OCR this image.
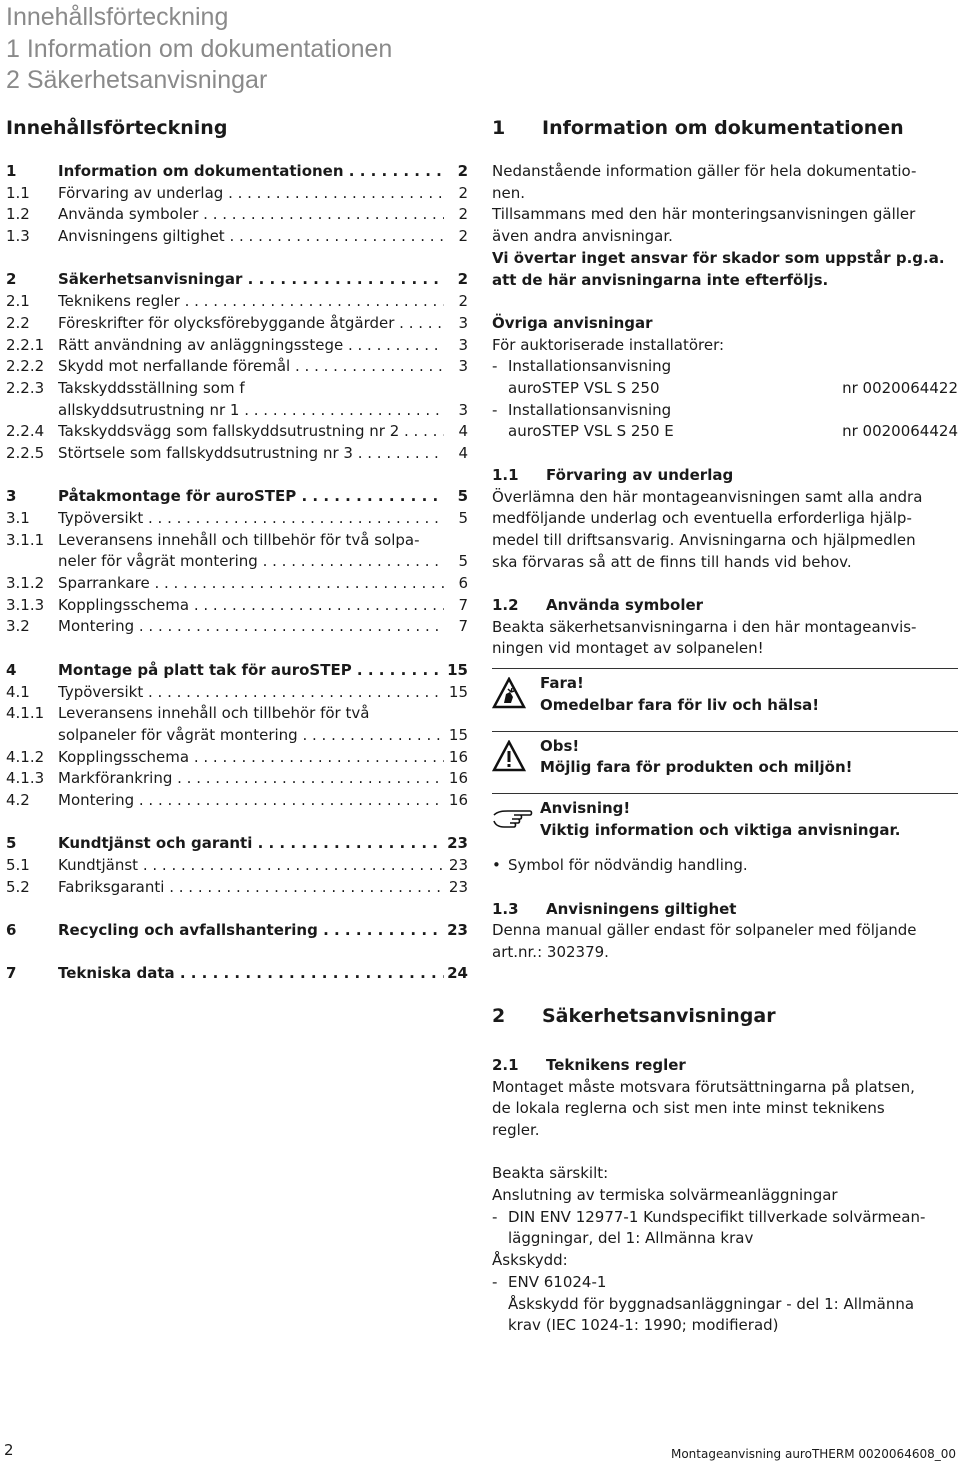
Innehållsförteckning
1 Information om dokumentationen
2 Säkerhetsanvisningar
Innehållsförteckning
1	Information om dokumentationen . . .	2
1.1	Förvaring av underlag . . .	2
1.2	Använda symboler . . .	2
1.3	Anvisningens giltighet . . .	2
2	Säkerhetsanvisningar . . .	2
2.1	Teknikens regler . . .	2
2.2	Föreskrifter för olycksförebyggande åtgärder . . .	3
2.2.1 Rätt användning av anläggningsstege . . .	3
2.2.2 Skydd mot nerfallande föremål . . .	3
2.2.3 Takskyddsställning som f
allskyddsutrustning nr 1 . . .	3
2.2.4 Takskyddsvägg som fallskyddsutrustning nr 2 . . .	4
2.2.5 Störtsele som fallskyddsutrustning nr 3 . . .	4
3	Påtakmontage för auroSTEP . . .	5
3.1	Typöversikt . . .	5
3.1.1 Leveransens innehåll och tillbehör för två solpa-
neler för vågrät montering . . .	5
3.1.2 Sparrankare . . .	6
3.1.3 Kopplingsschema . . .	7
3.2	Montering . . .	7
4	Montage på platt tak för auroSTEP . . .	15
4.1	Typöversikt . . .	15
4.1.1 Leveransens innehåll och tillbehör för två
solpaneler för vågrät montering . . .	15
4.1.2 Kopplingsschema . . .	16
4.1.3 Markförankring . . .	16
4.2	Montering . . .	16
5	Kundtjänst och garanti . . .	23
5.1	Kundtjänst . . .	23
5.2	Fabriksgaranti . . .	23
6	Recycling och avfallshantering . . .	23
7	Tekniska data . . .	24
1 Information om dokumentationen

Nedanstående information gäller för hela dokumentatio-

nen.

Tillsammans med den här monteringsanvisningen gäller

även andra anvisningar.

Vi övertar inget ansvar för skador som uppstår p.g.a.

att de här anvisningarna inte efterföljs.

Övriga anvisningar

För auktoriserade installatörer:

- Installationsanvisning
auroSTEP VSL S 250	nr 0020064422
- Installationsanvisning
auroSTEP VSL S 250 E	nr 0020064424
1.1	Förvaring av underlag

Överlämna den här montageanvisningen samt alla andra

medföljande underlag och eventuella erforderliga hjälp-

medel till driftsansvarig. Anvisningarna och hjälpmedlen

ska förvaras så att de finns till hands vid behov.

1.2	Använda symboler

Beakta säkerhetsanvisningarna i den här montageanvis-

ningen vid montaget av solpanelen!

Fara!
Omedelbar fara för liv och hälsa!
Obs!
Möjlig fara för produkten och miljön!
Anvisning!
Viktig information och viktiga anvisningar.
• Symbol för nödvändig handling.
1.3	Anvisningens giltighet

Denna manual gäller endast för solpaneler med följande

art.nr.: 302379.

2 Säkerhetsanvisningar
2.1	Teknikens regler

Montaget måste motsvara förutsättningarna på platsen,

de lokala reglerna och sist men inte minst teknikens

regler.

Beakta särskilt:

Anslutning av termiska solvärmeanläggningar

- DIN ENV 12977-1 Kundspecifikt tillverkade solvärmean-
läggningar, del 1: Allmänna krav

Åskskydd:

- ENV 61024-1
Åskskydd för byggnadsanläggningar - del 1: Allmänna
krav (IEC 1024-1: 1990; modifierad)
2	Montageanvisning auroTHERM 0020064608_00
